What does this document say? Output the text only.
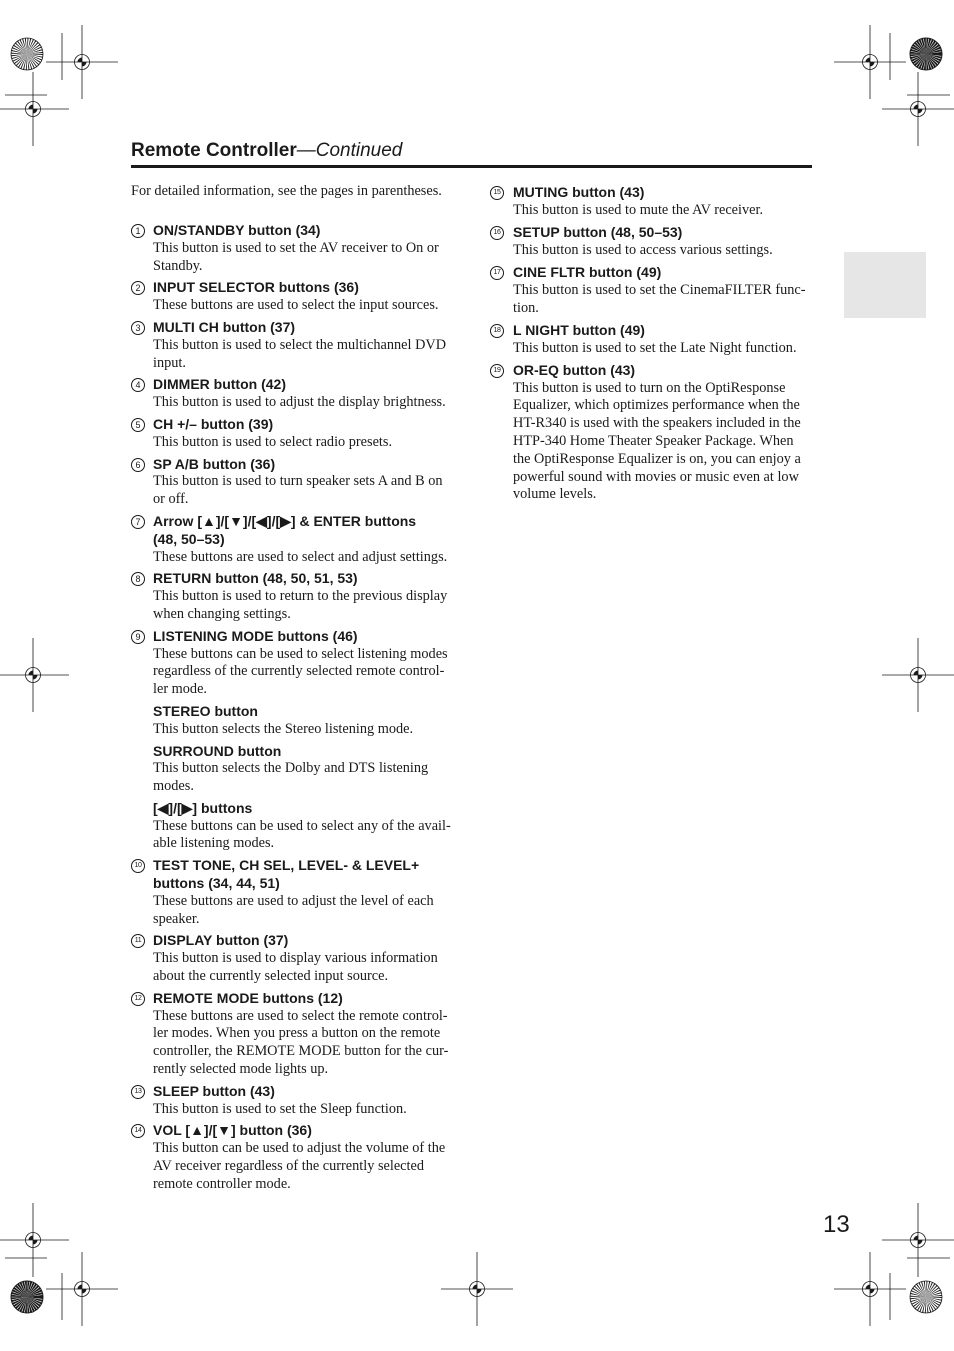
Remote Controller—Continued
For detailed information, see the pages in parentheses.
1 ON/STANDBY button (34)
This button is used to set the AV receiver to On or
Standby.
2 INPUT SELECTOR buttons (36)
These buttons are used to select the input sources.
3 MULTI CH button (37)
This button is used to select the multichannel DVD
input.
4 DIMMER button (42)
This button is used to adjust the display brightness.
5 CH +/– button (39)
This button is used to select radio presets.
6 SP A/B button (36)
This button is used to turn speaker sets A and B on
or off.
7 Arrow [▲]/[▼]/[◀]/[▶] & ENTER buttons
(48, 50–53)
These buttons are used to select and adjust settings.
8 RETURN button (48, 50, 51, 53)
This button is used to return to the previous display
when changing settings.
9 LISTENING MODE buttons (46)
These buttons can be used to select listening modes
regardless of the currently selected remote control-
ler mode.
STEREO button
This button selects the Stereo listening mode.
SURROUND button
This button selects the Dolby and DTS listening
modes.
[◀]/[▶] buttons
These buttons can be used to select any of the avail-
able listening modes.
10 TEST TONE, CH SEL, LEVEL- & LEVEL+
buttons (34, 44, 51)
These buttons are used to adjust the level of each
speaker.
11 DISPLAY button (37)
This button is used to display various information
about the currently selected input source.
12 REMOTE MODE buttons (12)
These buttons are used to select the remote control-
ler modes. When you press a button on the remote
controller, the REMOTE MODE button for the cur-
rently selected mode lights up.
13 SLEEP button (43)
This button is used to set the Sleep function.
14 VOL [▲]/[▼] button (36)
This button can be used to adjust the volume of the
AV receiver regardless of the currently selected
remote controller mode.
15 MUTING button (43)
This button is used to mute the AV receiver.
16 SETUP button (48, 50–53)
This button is used to access various settings.
17 CINE FLTR button (49)
This button is used to set the CinemaFILTER func-
tion.
18 L NIGHT button (49)
This button is used to set the Late Night function.
19 OR-EQ button (43)
This button is used to turn on the OptiResponse
Equalizer, which optimizes performance when the
HT-R340 is used with the speakers included in the
HTP-340 Home Theater Speaker Package. When
the OptiResponse Equalizer is on, you can enjoy a
powerful sound with movies or music even at low
volume levels.
13
